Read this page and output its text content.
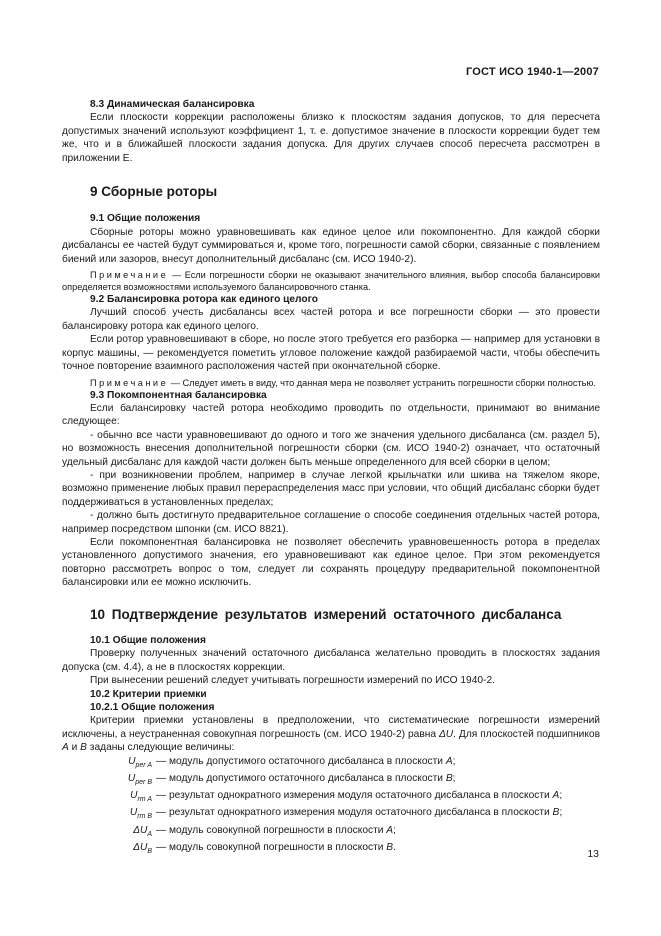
ГОСТ ИСО 1940-1—2007

8.3 Динамическая балансировка

Если плоскости коррекции расположены близко к плоскостям задания допусков, то для пересчета допустимых значений используют коэффициент 1, т. е. допустимое значение в плоскости коррекции будет тем же, что и в ближайшей плоскости задания допуска. Для других случаев способ пересчета рассмотрен в приложении Е.

9 Сборные роторы

9.1 Общие положения

Сборные роторы можно уравновешивать как единое целое или покомпонентно. Для каждой сборки дисбалансы ее частей будут суммироваться и, кроме того, погрешности самой сборки, связанные с появлением биений или зазоров, внесут дополнительный дисбаланс (см. ИСО 1940-2).

Примечание — Если погрешности сборки не оказывают значительного влияния, выбор способа балансировки определяется возможностями используемого балансировочного станка.

9.2 Балансировка ротора как единого целого

Лучший способ учесть дисбалансы всех частей ротора и все погрешности сборки — это провести балансировку ротора как единого целого.

Если ротор уравновешивают в сборе, но после этого требуется его разборка — например для установки в корпус машины, — рекомендуется пометить угловое положение каждой разбираемой части, чтобы обеспечить точное повторение взаимного расположения частей при окончательной сборке.

Примечание — Следует иметь в виду, что данная мера не позволяет устранить погрешности сборки полностью.

9.3 Покомпонентная балансировка

Если балансировку частей ротора необходимо проводить по отдельности, принимают во внимание следующее:

- обычно все части уравновешивают до одного и того же значения удельного дисбаланса (см. раздел 5), но возможность внесения дополнительной погрешности сборки (см. ИСО 1940-2) означает, что остаточный удельный дисбаланс для каждой части должен быть меньше определенного для всей сборки в целом;

- при возникновении проблем, например в случае легкой крыльчатки или шкива на тяжелом якоре, возможно применение любых правил перераспределения масс при условии, что общий дисбаланс сборки будет поддерживаться в установленных пределах;

- должно быть достигнуто предварительное соглашение о способе соединения отдельных частей ротора, например посредством шпонки (см. ИСО 8821).

Если покомпонентная балансировка не позволяет обеспечить уравновешенность ротора в пределах установленного допустимого значения, его уравновешивают как единое целое. При этом рекомендуется повторно рассмотреть вопрос о том, следует ли сохранять процедуру предварительной покомпонентной балансировки или ее можно исключить.

10 Подтверждение результатов измерений остаточного дисбаланса

10.1 Общие положения

Проверку полученных значений остаточного дисбаланса желательно проводить в плоскостях задания допуска (см. 4.4), а не в плоскостях коррекции.

При вынесении решений следует учитывать погрешности измерений по ИСО 1940-2.

10.2 Критерии приемки

10.2.1 Общие положения

Критерии приемки установлены в предположении, что систематические погрешности измерений исключены, а неустраненная совокупная погрешность (см. ИСО 1940-2) равна ΔU. Для плоскостей подшипников А и В заданы следующие величины:

$U_{per A}$ — модуль допустимого остаточного дисбаланса в плоскости А;
$U_{per B}$ — модуль допустимого остаточного дисбаланса в плоскости В;
$U_{rm A}$ — результат однократного измерения модуля остаточного дисбаланса в плоскости А;
$U_{rm B}$ — результат однократного измерения модуля остаточного дисбаланса в плоскости В;
$\Delta U_A$ — модуль совокупной погрешности в плоскости А;
$\Delta U_B$ — модуль совокупной погрешности в плоскости В.
13
